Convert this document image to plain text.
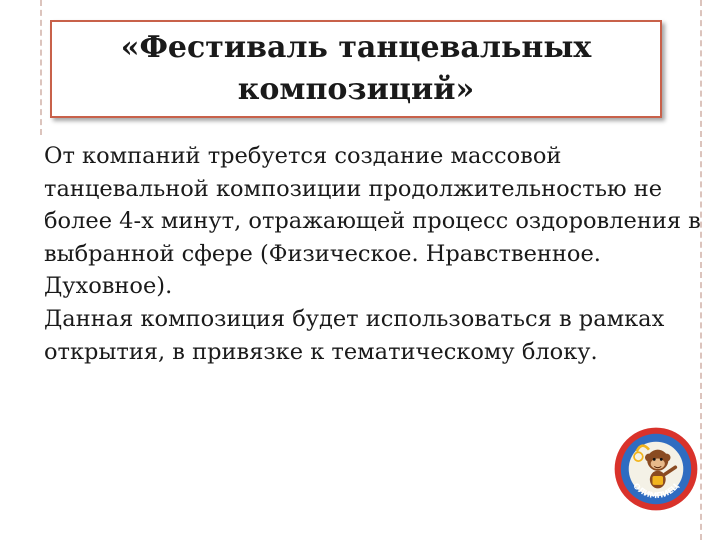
«Фестиваль танцевальных композиций»

От компаний требуется создание массовой танцевальной композиции продолжительностью не более 4-х минут, отражающей процесс оздоровления в выбранной сфере (Физическое. Нравственное. Духовное).

Данная композиция будет использоваться в рамках открытия, в привязке к тематическому блоку.

ОЛИМПИЕЦ
